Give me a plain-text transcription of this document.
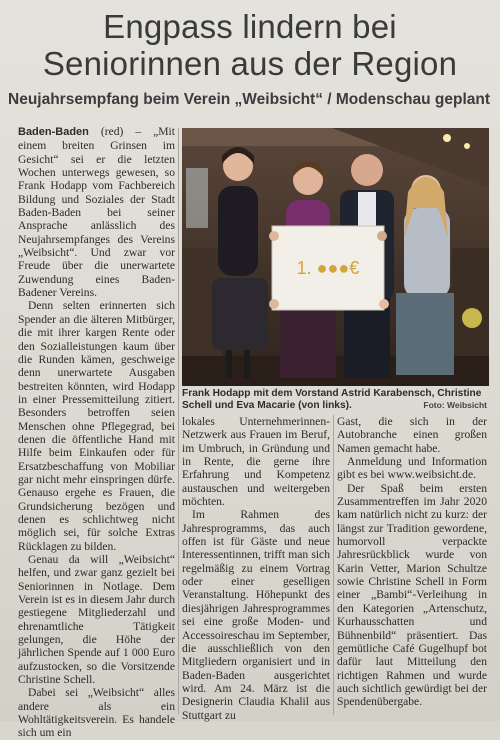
Engpass lindern bei
Seniorinnen aus der Region
Neujahrsempfang beim Verein „Weibsicht“ / Modenschau geplant

Baden-Baden (red) – „Mit einem breiten Grinsen im Gesicht“ sei er die letzten Wochen unterwegs gewesen, so Frank Hodapp vom Fachbereich Bildung und Soziales der Stadt Baden-Baden bei seiner Ansprache anlässlich des Neujahrsempfanges des Vereins „Weibsicht“. Und zwar vor Freude über die unerwartete Zuwendung eines Baden-Badener Vereins.

Denn selten erinnerten sich Spender an die älteren Mitbürger, die mit ihrer kargen Rente oder den Sozialleistungen kaum über die Runden kämen, geschweige denn unerwartete Ausgaben bestreiten könnten, wird Hodapp in einer Pressemitteilung zitiert. Besonders betroffen seien Menschen ohne Pflegegrad, bei denen die öffentliche Hand mit Hilfe beim Einkaufen oder für Ersatzbeschaffung von Mobiliar gar nicht mehr einspringen dürfe. Genauso ergehe es Frauen, die Grundsicherung bezögen und denen es schlichtweg nicht möglich sei, für solche Extras Rücklagen zu bilden.

Genau da will „Weibsicht“ helfen, und zwar ganz gezielt bei Seniorinnen in Notlage. Dem Verein ist es in diesem Jahr durch gestiegene Mitgliederzahl und ehrenamtliche Tätigkeit gelungen, die Höhe der jährlichen Spende auf 1 000 Euro aufzustocken, so die Vorsitzende Christine Schell.

Dabei sei „Weibsicht“ alles andere als ein Wohltätigkeitsverein. Es handele sich um ein

1. ●●●€
Frank Hodapp mit dem Vorstand Astrid Karabensch, Christine Schell und Eva Macarie (von links).	Foto: Weibsicht

lokales Unternehmerinnen-Netzwerk aus Frauen im Beruf, im Umbruch, in Gründung und in Rente, die gerne ihre Erfahrung und Kompetenz austauschen und weitergeben möchten.

Im Rahmen des Jahresprogramms, das auch offen ist für Gäste und neue Interessentinnen, trifft man sich regelmäßig zu einem Vortrag oder einer geselligen Veranstaltung. Höhepunkt des diesjährigen Jahresprogrammes sei eine große Moden- und Accessoireschau im September, die ausschließlich von den Mitgliedern organisiert und in Baden-Baden ausgerichtet wird. Am 24. März ist die Designerin Claudia Khalil aus Stuttgart zu

Gast, die sich in der Autobranche einen großen Namen gemacht habe.

Anmeldung und Information gibt es bei www.weibsicht.de.

Der Spaß beim ersten Zusammentreffen im Jahr 2020 kam natürlich nicht zu kurz: der längst zur Tradition gewordene, humorvoll verpackte Jahresrückblick wurde von Karin Vetter, Marion Schultze sowie Christine Schell in Form einer „Bambi“-Verleihung in den Kategorien „Artenschutz, Kurhausschatten und Bühnenbild“ präsentiert. Das gemütliche Café Gugelhupf bot dafür laut Mitteilung den richtigen Rahmen und wurde auch sichtlich gewürdigt bei der Spendenübergabe.
